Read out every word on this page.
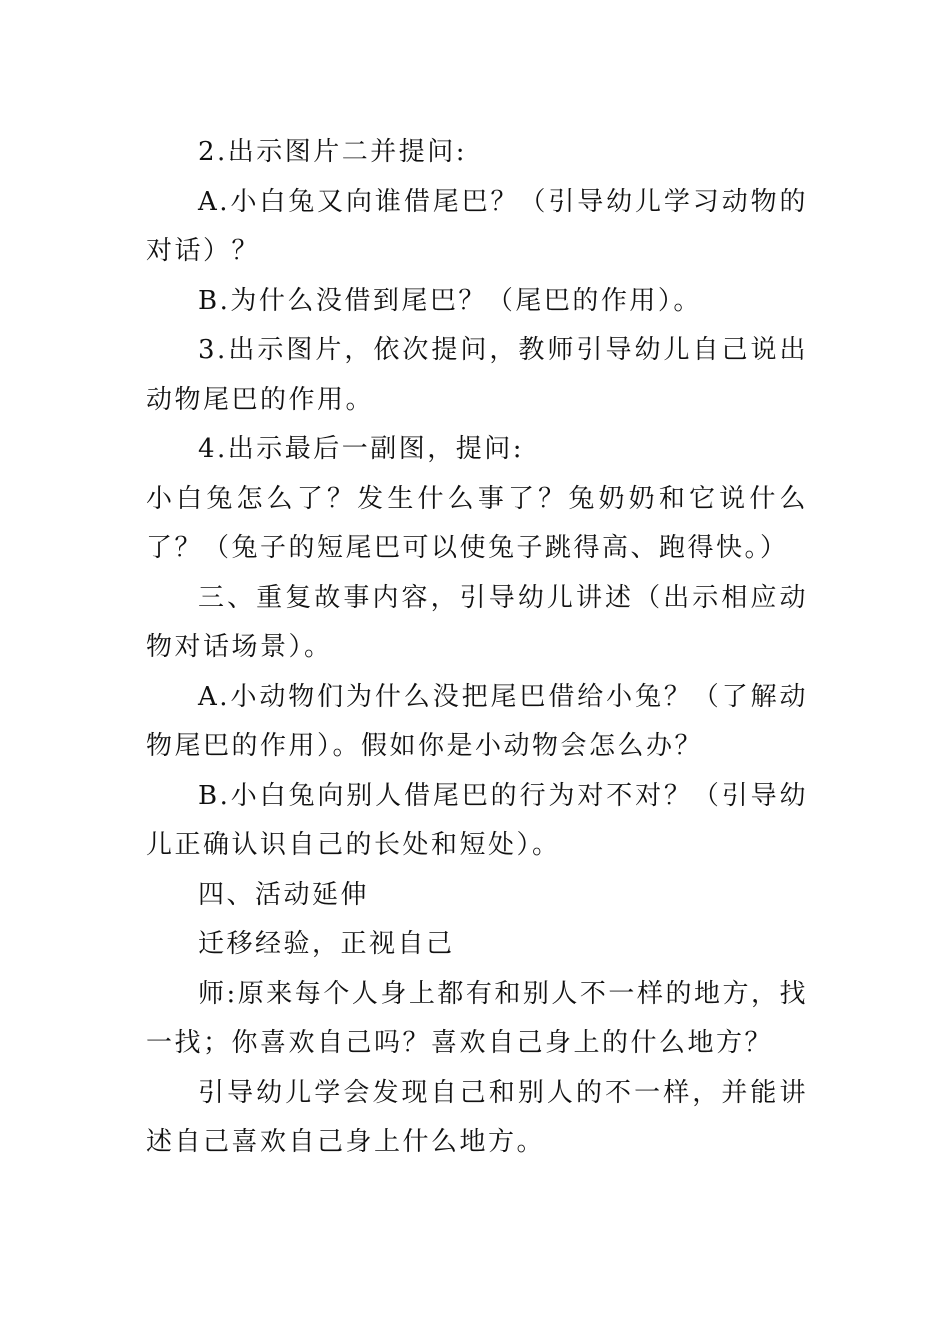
2.出示图片二并提问:

A.小白兔又向谁借尾巴？（引导幼儿学习动物的对话）？

B.为什么没借到尾巴？（尾巴的作用）。

3.出示图片，依次提问，教师引导幼儿自己说出动物尾巴的作用。

4.出示最后一副图，提问:

小白兔怎么了？发生什么事了？兔奶奶和它说什么了？（兔子的短尾巴可以使兔子跳得高、跑得快。）

三、重复故事内容，引导幼儿讲述（出示相应动物对话场景）。

A.小动物们为什么没把尾巴借给小兔？（了解动物尾巴的作用）。假如你是小动物会怎么办？

B.小白兔向别人借尾巴的行为对不对？（引导幼儿正确认识自己的长处和短处）。

四、活动延伸

迁移经验，正视自己

师:原来每个人身上都有和别人不一样的地方，找一找；你喜欢自己吗？喜欢自己身上的什么地方？

引导幼儿学会发现自己和别人的不一样，并能讲述自己喜欢自己身上什么地方。
